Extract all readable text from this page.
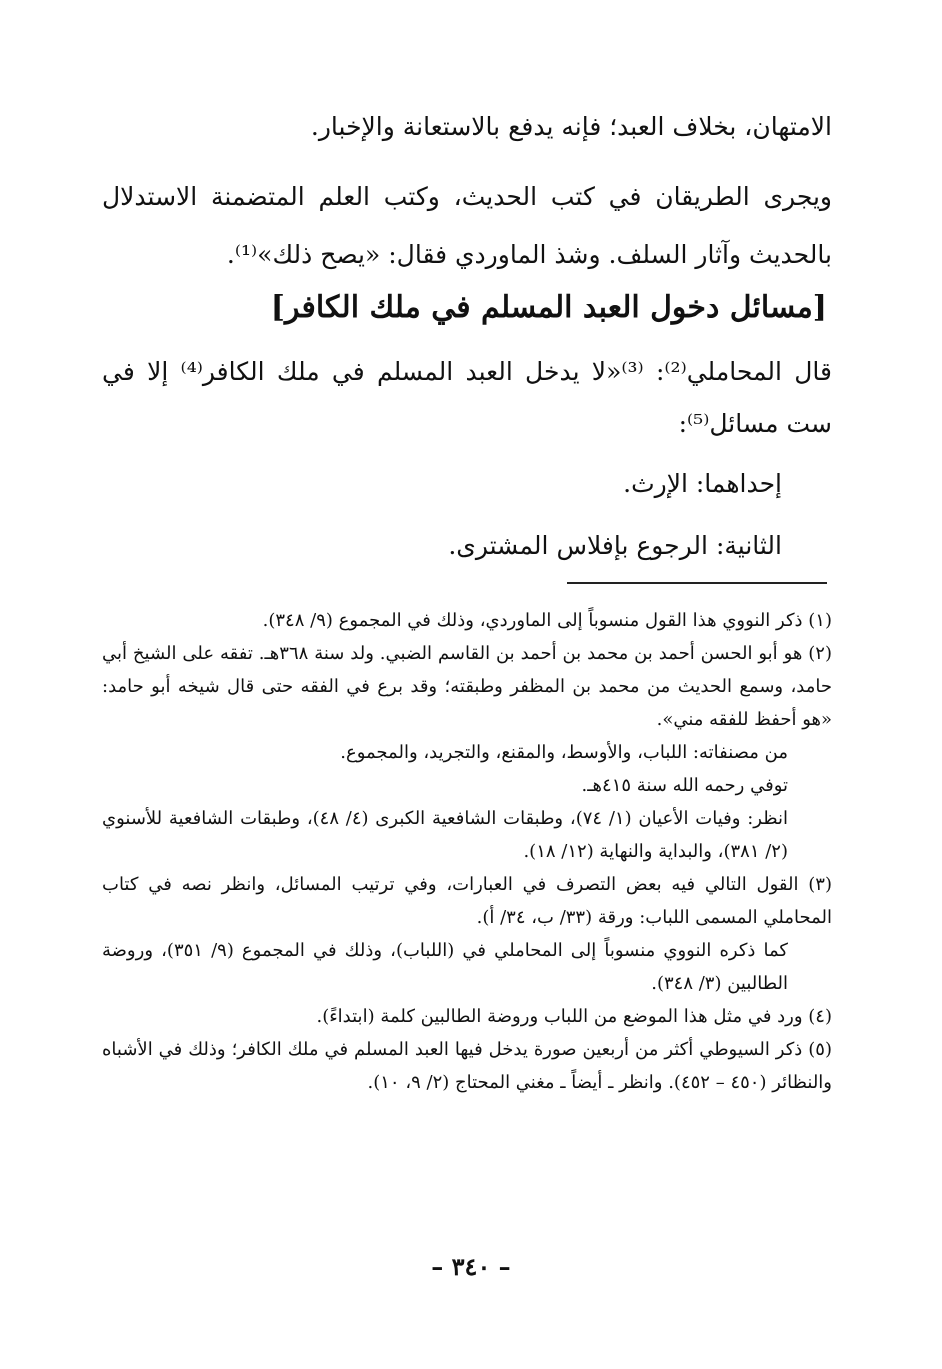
الامتهان، بخلاف العبد؛ فإنه يدفع بالاستعانة والإخبار.

ويجرى الطريقان في كتب الحديث، وكتب العلم المتضمنة الاستدلال بالحديث وآثار السلف. وشذ الماوردي فقال: «يصح ذلك»⁽¹⁾.

[مسائل دخول العبد المسلم في ملك الكافر]

قال المحاملي⁽²⁾: ⁽³⁾«لا يدخل العبد المسلم في ملك الكافر⁽⁴⁾ إلا في ست مسائل⁽⁵⁾:

إحداهما: الإرث.
الثانية: الرجوع بإفلاس المشترى.

(١) ذكر النووي هذا القول منسوباً إلى الماوردي، وذلك في المجموع (٩/ ٣٤٨).

(٢) هو أبو الحسن أحمد بن محمد بن أحمد بن القاسم الضبي. ولد سنة ٣٦٨هـ. تفقه على الشيخ أبي حامد، وسمع الحديث من محمد بن المظفر وطبقته؛ وقد برع في الفقه حتى قال شيخه أبو حامد: «هو أحفظ للفقه مني».

من مصنفاته: اللباب، والأوسط، والمقنع، والتجريد، والمجموع.

توفي رحمه الله سنة ٤١٥هـ.

انظر: وفيات الأعيان (١/ ٧٤)، وطبقات الشافعية الكبرى (٤/ ٤٨)، وطبقات الشافعية للأسنوي (٢/ ٣٨١)، والبداية والنهاية (١٢/ ١٨).

(٣) القول التالي فيه بعض التصرف في العبارات، وفي ترتيب المسائل، وانظر نصه في كتاب المحاملي المسمى اللباب: ورقة (٣٣/ ب، ٣٤/ أ).

كما ذكره النووي منسوباً إلى المحاملي في (اللباب)، وذلك في المجموع (٩/ ٣٥١)، وروضة الطالبين (٣/ ٣٤٨).

(٤) ورد في مثل هذا الموضع من اللباب وروضة الطالبين كلمة (ابتداءً).

(٥) ذكر السيوطي أكثر من أربعين صورة يدخل فيها العبد المسلم في ملك الكافر؛ وذلك في الأشباه والنظائر (٤٥٠ – ٤٥٢). وانظر ـ أيضاً ـ مغني المحتاج (٢/ ٩، ١٠).

– ٣٤٠ –
